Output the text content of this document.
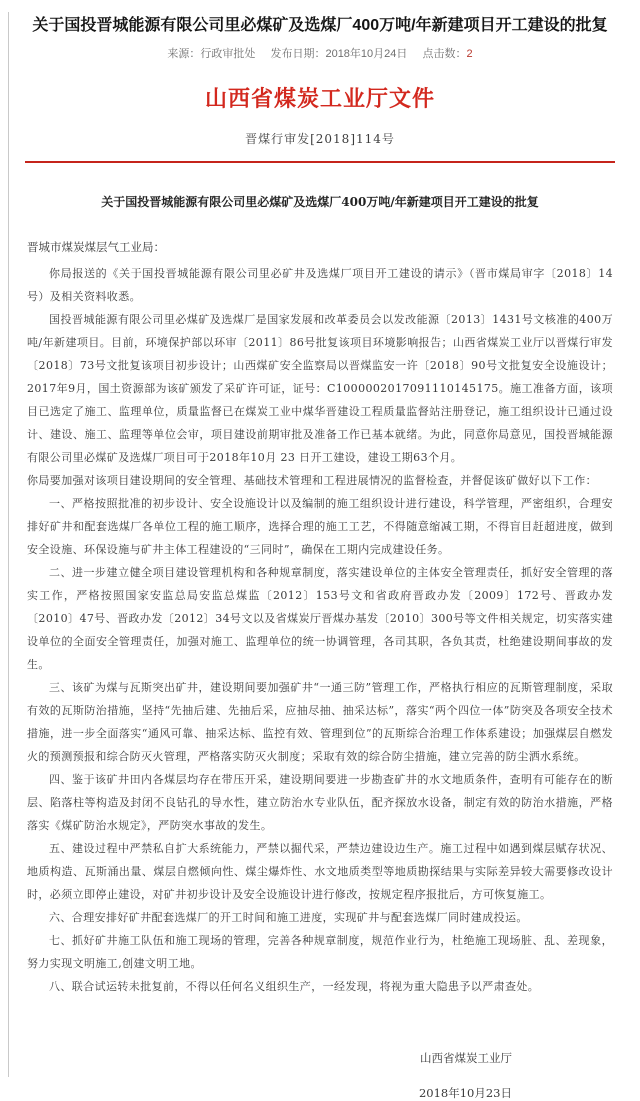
关于国投晋城能源有限公司里必煤矿及选煤厂400万吨/年新建项目开工建设的批复
来源：行政审批处 发布日期：2018年10月24日 点击数：2
山西省煤炭工业厅文件
晋煤行审发[2018]114号
关于国投晋城能源有限公司里必煤矿及选煤厂400万吨/年新建项目开工建设的批复
晋城市煤炭煤层气工业局：

你局报送的《关于国投晋城能源有限公司里必矿井及选煤厂项目开工建设的请示》（晋市煤局审字〔2018〕14号）及相关资料收悉。

国投晋城能源有限公司里必煤矿及选煤厂是国家发展和改革委员会以发改能源〔2013〕1431号文核准的400万吨/年新建项目。目前，环境保护部以环审〔2011〕86号批复该项目环境影响报告；山西省煤炭工业厅以晋煤行审发〔2018〕73号文批复该项目初步设计；山西煤矿安全监察局以晋煤监安一许〔2018〕90号文批复安全设施设计； 2017年9月，国土资源部为该矿颁发了采矿许可证，证号：C1000002017091110145175。施工准备方面，该项目已选定了施工、监理单位，质量监督已在煤炭工业中煤华晋建设工程质量监督站注册登记，施工组织设计已通过设计、建设、施工、监理等单位会审，项目建设前期审批及准备工作已基本就绪。为此，同意你局意见，国投晋城能源有限公司里必煤矿及选煤厂项目可于2018年10月 23 日开工建设，建设工期63个月。

你局要加强对该项目建设期间的安全管理、基础技术管理和工程进展情况的监督检查，并督促该矿做好以下工作：

一、严格按照批准的初步设计、安全设施设计以及编制的施工组织设计进行建设，科学管理，严密组织，合理安排好矿井和配套选煤厂各单位工程的施工顺序，选择合理的施工工艺，不得随意缩减工期，不得盲目赶超进度，做到安全设施、环保设施与矿井主体工程建设的“三同时”，确保在工期内完成建设任务。

二、进一步建立健全项目建设管理机构和各种规章制度，落实建设单位的主体安全管理责任，抓好安全管理的落实工作，严格按照国家安监总局安监总煤监〔2012〕153号文和省政府晋政办发〔2009〕172号、晋政办发〔2010〕47号、晋政办发〔2012〕34号文以及省煤炭厅晋煤办基发〔2010〕300号等文件相关规定，切实落实建设单位的全面安全管理责任，加强对施工、监理单位的统一协调管理，各司其职，各负其责，杜绝建设期间事故的发生。

三、该矿为煤与瓦斯突出矿井，建设期间要加强矿井“一通三防”管理工作，严格执行相应的瓦斯管理制度，采取有效的瓦斯防治措施，坚持“先抽后建、先抽后采，应抽尽抽、抽采达标”，落实“两个四位一体”防突及各项安全技术措施，进一步全面落实“通风可靠、抽采达标、监控有效、管理到位”的瓦斯综合治理工作体系建设；加强煤层自燃发火的预测预报和综合防灭火管理，严格落实防灭火制度；采取有效的综合防尘措施，建立完善的防尘洒水系统。

四、鉴于该矿井田内各煤层均存在带压开采，建设期间要进一步勘查矿井的水文地质条件，查明有可能存在的断层、陷落柱等构造及封闭不良钻孔的导水性，建立防治水专业队伍，配齐探放水设备，制定有效的防治水措施，严格落实《煤矿防治水规定》，严防突水事故的发生。

五、建设过程中严禁私自扩大系统能力，严禁以掘代采，严禁边建设边生产。施工过程中如遇到煤层赋存状况、地质构造、瓦斯涌出量、煤层自燃倾向性、煤尘爆炸性、水文地质类型等地质勘探结果与实际差异较大需要修改设计时，必须立即停止建设，对矿井初步设计及安全设施设计进行修改，按规定程序报批后，方可恢复施工。

六、合理安排好矿井配套选煤厂的开工时间和施工进度，实现矿井与配套选煤厂同时建成投运。

七、抓好矿井施工队伍和施工现场的管理，完善各种规章制度，规范作业行为，杜绝施工现场脏、乱、差现象，努力实现文明施工,创建文明工地。

八、联合试运转未批复前，不得以任何名义组织生产，一经发现，将视为重大隐患予以严肃查处。

山西省煤炭工业厅
2018年10月23日
